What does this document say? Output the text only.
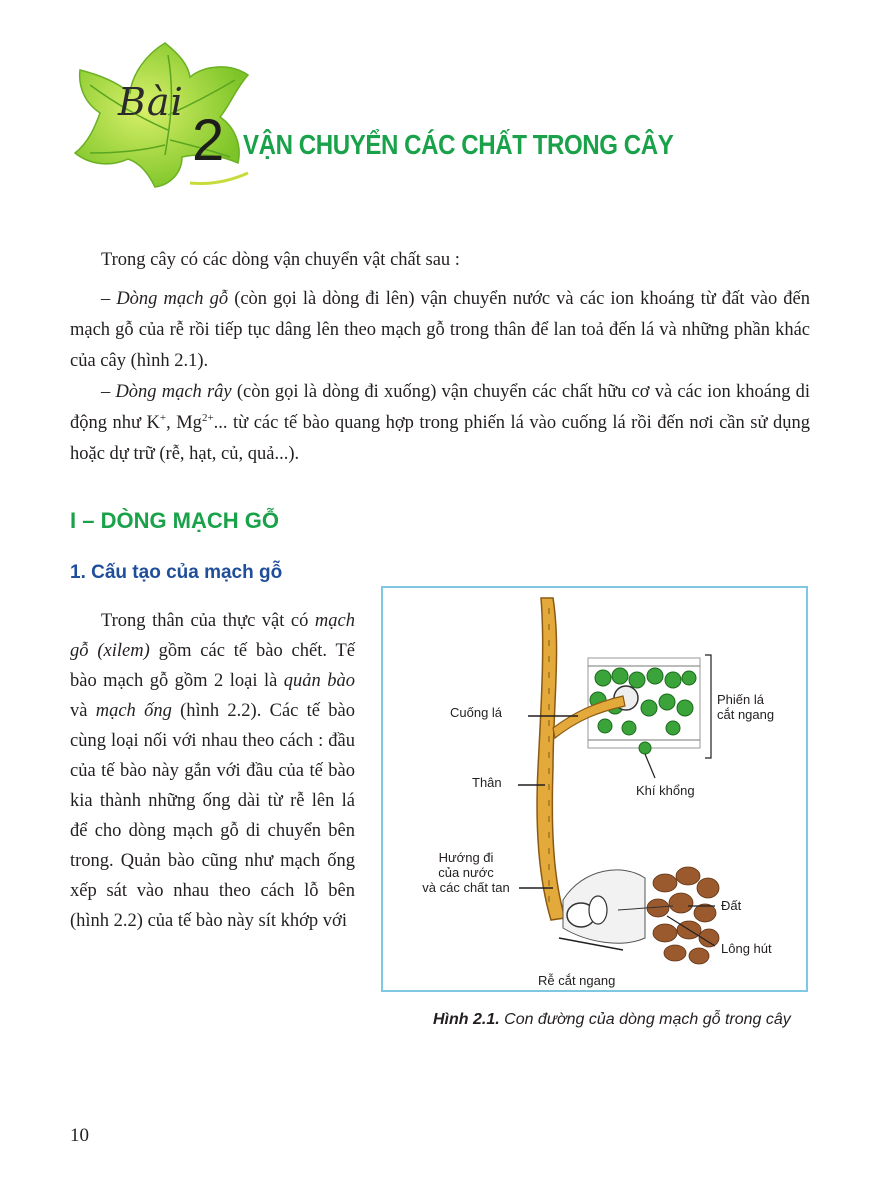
Bài
2 VẬN CHUYỂN CÁC CHẤT TRONG CÂY
Trong cây có các dòng vận chuyển vật chất sau :
– Dòng mạch gỗ (còn gọi là dòng đi lên) vận chuyển nước và các ion khoáng từ đất vào đến mạch gỗ của rễ rồi tiếp tục dâng lên theo mạch gỗ trong thân để lan toả đến lá và những phần khác của cây (hình 2.1).
– Dòng mạch rây (còn gọi là dòng đi xuống) vận chuyển các chất hữu cơ và các ion khoáng di động như K+, $Mg^{2+}$... từ các tế bào quang hợp trong phiến lá vào cuống lá rồi đến nơi cần sử dụng hoặc dự trữ (rễ, hạt, củ, quả...).
I – DÒNG MẠCH GỖ
1. Cấu tạo của mạch gỗ
Trong thân của thực vật có mạch gỗ (xilem) gồm các tế bào chết. Tế bào mạch gỗ gồm 2 loại là quản bào và mạch ống (hình 2.2). Các tế bào cùng loại nối với nhau theo cách : đầu của tế bào này gắn với đầu của tế bào kia thành những ống dài từ rễ lên lá để cho dòng mạch gỗ di chuyển bên trong. Quản bào cũng như mạch ống xếp sát vào nhau theo cách lỗ bên (hình 2.2) của tế bào này sít khớp với
Cuống lá
Phiến lá
cắt ngang
Thân
Khí khổng
Hướng đi
của nước
và các chất tan
Đất
Lông hút
Rễ cắt ngang
Hình 2.1. Con đường của dòng mạch gỗ trong cây
10
